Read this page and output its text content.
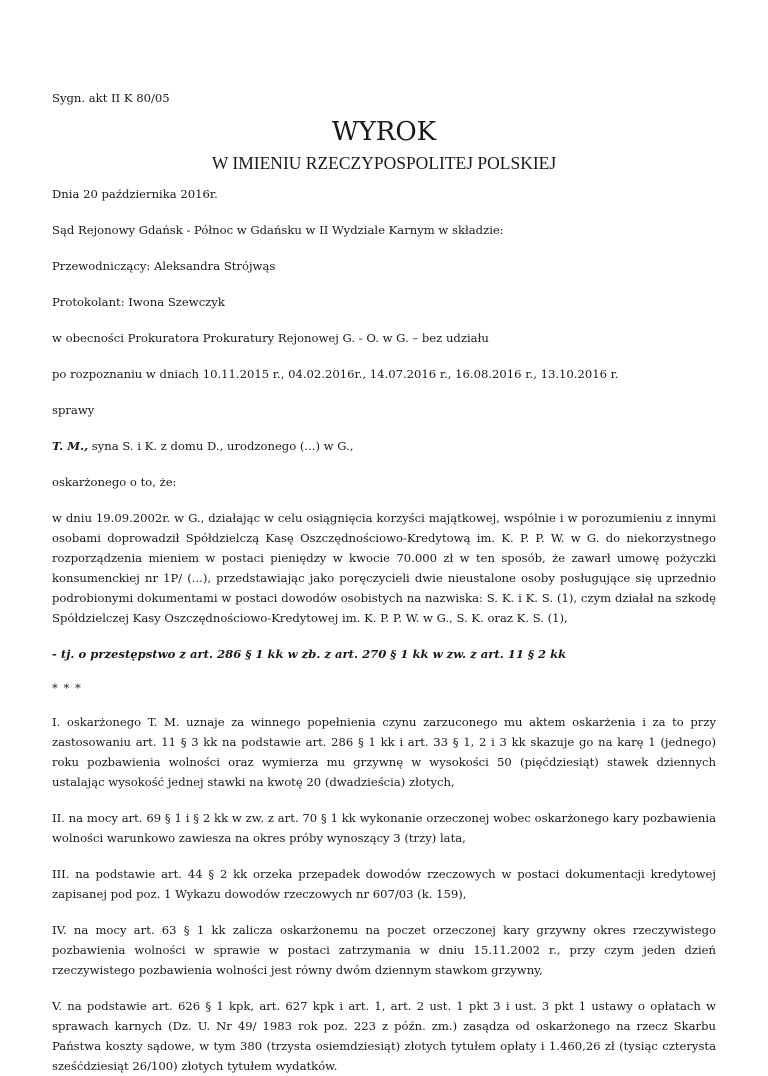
Sygn. akt II K 80/05

WYROK

W IMIENIU RZECZYPOSPOLITEJ POLSKIEJ

Dnia 20 października 2016r.

Sąd Rejonowy Gdańsk - Północ w Gdańsku w II Wydziale Karnym w składzie:

Przewodniczący: Aleksandra Strójwąs

Protokolant: Iwona Szewczyk

w obecności Prokuratora Prokuratury Rejonowej G. - O. w G. – bez udziału

po rozpoznaniu w dniach 10.11.2015 r., 04.02.2016r., 14.07.2016 r., 16.08.2016 r., 13.10.2016 r.

sprawy

T. M., syna S. i K. z domu D., urodzonego (...) w G.,

oskarżonego o to, że:

w dniu 19.09.2002r. w G., działając w celu osiągnięcia korzyści majątkowej, wspólnie i w porozumieniu z innymi osobami doprowadził Spółdzielczą Kasę Oszczędnościowo-Kredytową im. K. P. P. W. w G. do niekorzystnego rozporządzenia mieniem w postaci pieniędzy w kwocie 70.000 zł w ten sposób, że zawarł umowę pożyczki konsumenckiej nr 1P/ (...), przedstawiając jako poręczycieli dwie nieustalone osoby posługujące się uprzednio podrobionymi dokumentami w postaci dowodów osobistych na nazwiska: S. K. i K. S. (1), czym działał na szkodę Spółdzielczej Kasy Oszczędnościowo-Kredytowej im. K. P. P. W. w G., S. K. oraz K. S. (1),

- tj. o przestępstwo z art. 286 § 1 kk w zb. z art. 270 § 1 kk w zw. z art. 11 § 2 kk

* * *

I. oskarżonego T. M. uznaje za winnego popełnienia czynu zarzuconego mu aktem oskarżenia i za to przy zastosowaniu art. 11 § 3 kk na podstawie art. 286 § 1 kk i art. 33 § 1, 2 i 3 kk skazuje go na karę 1 (jednego) roku pozbawienia wolności oraz wymierza mu grzywnę w wysokości 50 (pięćdziesiąt) stawek dziennych ustalając wysokość jednej stawki na kwotę 20 (dwadzieścia) złotych,

II. na mocy art. 69 § 1 i § 2 kk w zw. z art. 70 § 1 kk wykonanie orzeczonej wobec oskarżonego kary pozbawienia wolności warunkowo zawiesza na okres próby wynoszący 3 (trzy) lata,

III. na podstawie art. 44 § 2 kk orzeka przepadek dowodów rzeczowych w postaci dokumentacji kredytowej zapisanej pod poz. 1 Wykazu dowodów rzeczowych nr 607/03 (k. 159),

IV. na mocy art. 63 § 1 kk zalicza oskarżonemu na poczet orzeczonej kary grzywny okres rzeczywistego pozbawienia wolności w sprawie w postaci zatrzymania w dniu 15.11.2002 r., przy czym jeden dzień rzeczywistego pozbawienia wolności jest równy dwóm dziennym stawkom grzywny,

V. na podstawie art. 626 § 1 kpk, art. 627 kpk i art. 1, art. 2 ust. 1 pkt 3 i ust. 3 pkt 1 ustawy o opłatach w sprawach karnych (Dz. U. Nr 49/ 1983 rok poz. 223 z późn. zm.) zasądza od oskarżonego na rzecz Skarbu Państwa koszty sądowe, w tym 380 (trzysta osiemdziesiąt) złotych tytułem opłaty i 1.460,26 zł (tysiąc czterysta sześćdziesiąt 26/100) złotych tytułem wydatków.
